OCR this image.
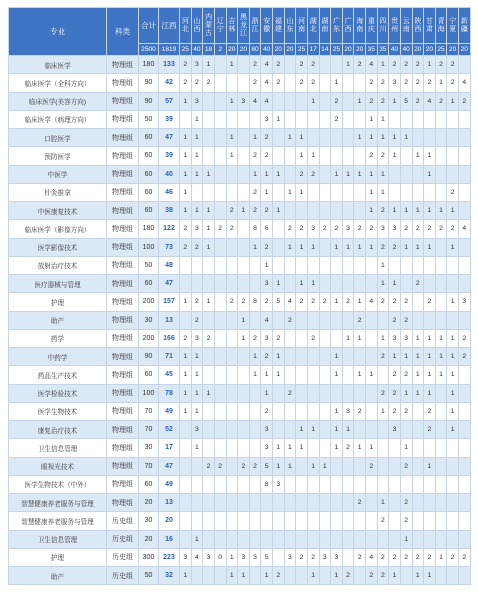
专业	科类	合计	江西	河北	山西	内蒙古	辽宁	吉林	黑龙江	浙江	安徽	福建	山东	河南	湖北	湖南	广东	广西	海南	重庆	四川	贵州	云南	陕西	甘肃	青海	宁夏	新疆
		2500	1819	25	40	18	2	20	20	80	40	20	20	25	17	14	25	20	20	35	35	40	40	20	20	25	20	20
临床医学	物理组	180	133	2	3	1		1		2	4	2		2	2			1	2	4	1	2	2	2	1	2	2	
临床医学（全科方向）	物理组	90	42	2	2	2				2	4	2		2	2		1			2	2	3	2	2	2	1	2	4
临床医学(美容方向)	物理组	90	57	1	3			1	3	4	4				1		2		1	2	2	1	5	2	4	2	1	2
临床医学（病理方向）	物理组	50	39		1						3	1					2			1	1							
口腔医学	物理组	60	47	1	1			1		1	2		1	1					1	1	1	1	1					
预防医学	物理组	60	39	1	1			1		2	2			1	1					2	2	1		1	1			
中医学	物理组	60	40	1	1	1				1	1	1		2	2		1	1	1	1	1				1			
针灸推拿	物理组	60	46	1						2	1		1	1						1	1						2	
中医康复技术	物理组	60	38	1	1	1		2	1	2	2	1								1	2	1	1	1	1	1	1	
临床医学（影像方向）	物理组	180	122	2	3	1	2	2		8	6		2	2	3	2	2	3	2	2	3	3	2	2	2	2	2	4
医学影像技术	物理组	100	73	2	2	1				1	2		1	1	1		1	1	1	1	2	2	1	1	1		1	
放射治疗技术	物理组	50	48								1										1							
医疗器械与管理	物理组	60	47								3	1		1	1						1	1		2				
护理	物理组	200	157	1	2	1		2	2	8	2	5	4	2	2	2	1	2	1	4	2	2	2		2		1	3
助产	物理组	30	13		2				1		4		2						2			2	2					
药学	物理组	200	166	2	3	2			1	2	3	2			2			1	1		1	3	3	1	1	1	1	2
中药学	物理组	90	71	1	1					1	2	1					1				2	1	1	1	1	1	1	2
药品生产技术	物理组	60	45	1	1					1	1	1					1		1	1		2	2	1	1	1	1	
医学检验技术	物理组	100	78	1	1	1					1		2								2	2	1	1	1		1	
医学生物技术	物理组	70	49	1	1						2						1	3	2		1	2	2		2		1	
康复治疗技术	物理组	70	52		3						3			1	1		1	1				3			2		1	
卫生信息管理	物理组	30	17		1						3	1	1	1			1	2	1	1			1					
眼视光技术	物理组	70	47			2	2		2	2	5	1	1		1	1				2			2		1			
医学生物技术（中外）	物理组	60	49								8	3																
智慧健康养老服务与管理	物理组	20	13																2		1		2					
智慧健康养老服务与管理	历史组	30	20																		2		2					
卫生信息管理	历史组	20	16		1																		1					
护理	历史组	300	223	3	4	3	0	1	3	3	5		3	2	2	3	3		2	4	2	2	2	2	2	1	2	2
助产	历史组	50	32	1				1	1		1	2			1		1	2		2	2	1		1	1			
